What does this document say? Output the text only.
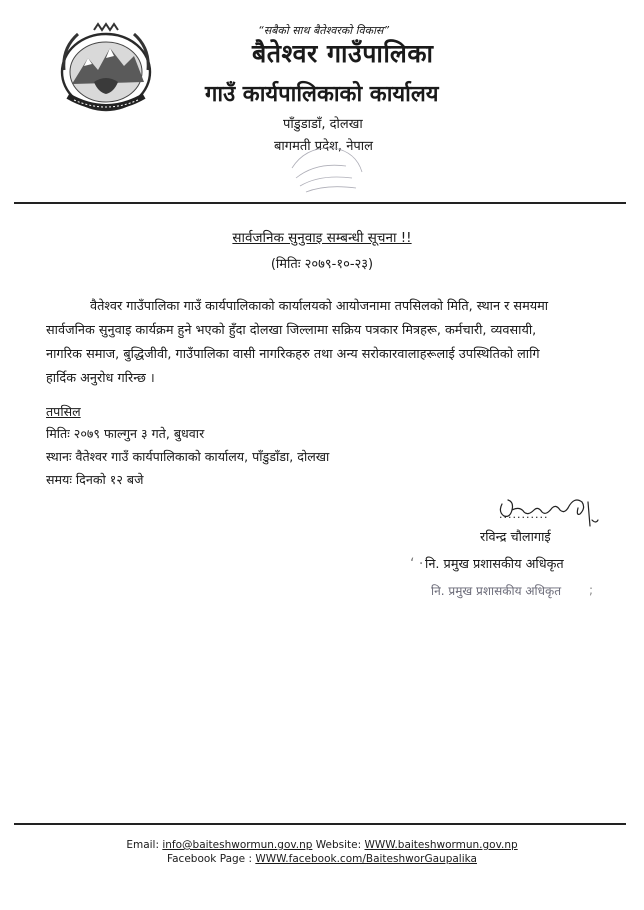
“सबैको साथ बैतेश्वरको विकास”
बैतेश्वर गाउँपालिका
गाउँ कार्यपालिकाको कार्यालय
पाँडुडाडाँ, दोलखा
बागमती प्रदेश, नेपाल
सार्वजनिक सुनुवाइ सम्बन्धी सूचना !!
(मितिः २०७९-१०-२३)
वैतेश्वर गाउँपालिका गाउँ कार्यपालिकाको कार्यालयको आयोजनामा तपसिलको मिति, स्थान र समयमा
सार्वजनिक सुनुवाइ कार्यक्रम हुने भएको हुँदा दोलखा जिल्लामा सक्रिय पत्रकार मित्रहरू, कर्मचारी, व्यवसायी,
नागरिक समाज, बुद्धिजीवी, गाउँपालिका वासी नागरिकहरु तथा अन्य सरोकारवालाहरूलाई उपस्थितिको लागि
हार्दिक अनुरोध गरिन्छ ।
तपसिल
मितिः २०७९ फाल्गुन ३ गते, बुधवार
स्थानः वैतेश्वर गाउँ कार्यपालिकाको कार्यालय, पाँडुडाँडा, दोलखा
समयः दिनको १२ बजे
...........
रविन्द्र चौलागाई
नि. प्रमुख प्रशासकीय अधिकृत
‘ ·
नि. प्रमुख प्रशासकीय अधिकृत ;
Email: info@baiteshwormun.gov.np Website: WWW.baiteshwormun.gov.np
Facebook Page : WWW.facebook.com/BaiteshworGaupalika
